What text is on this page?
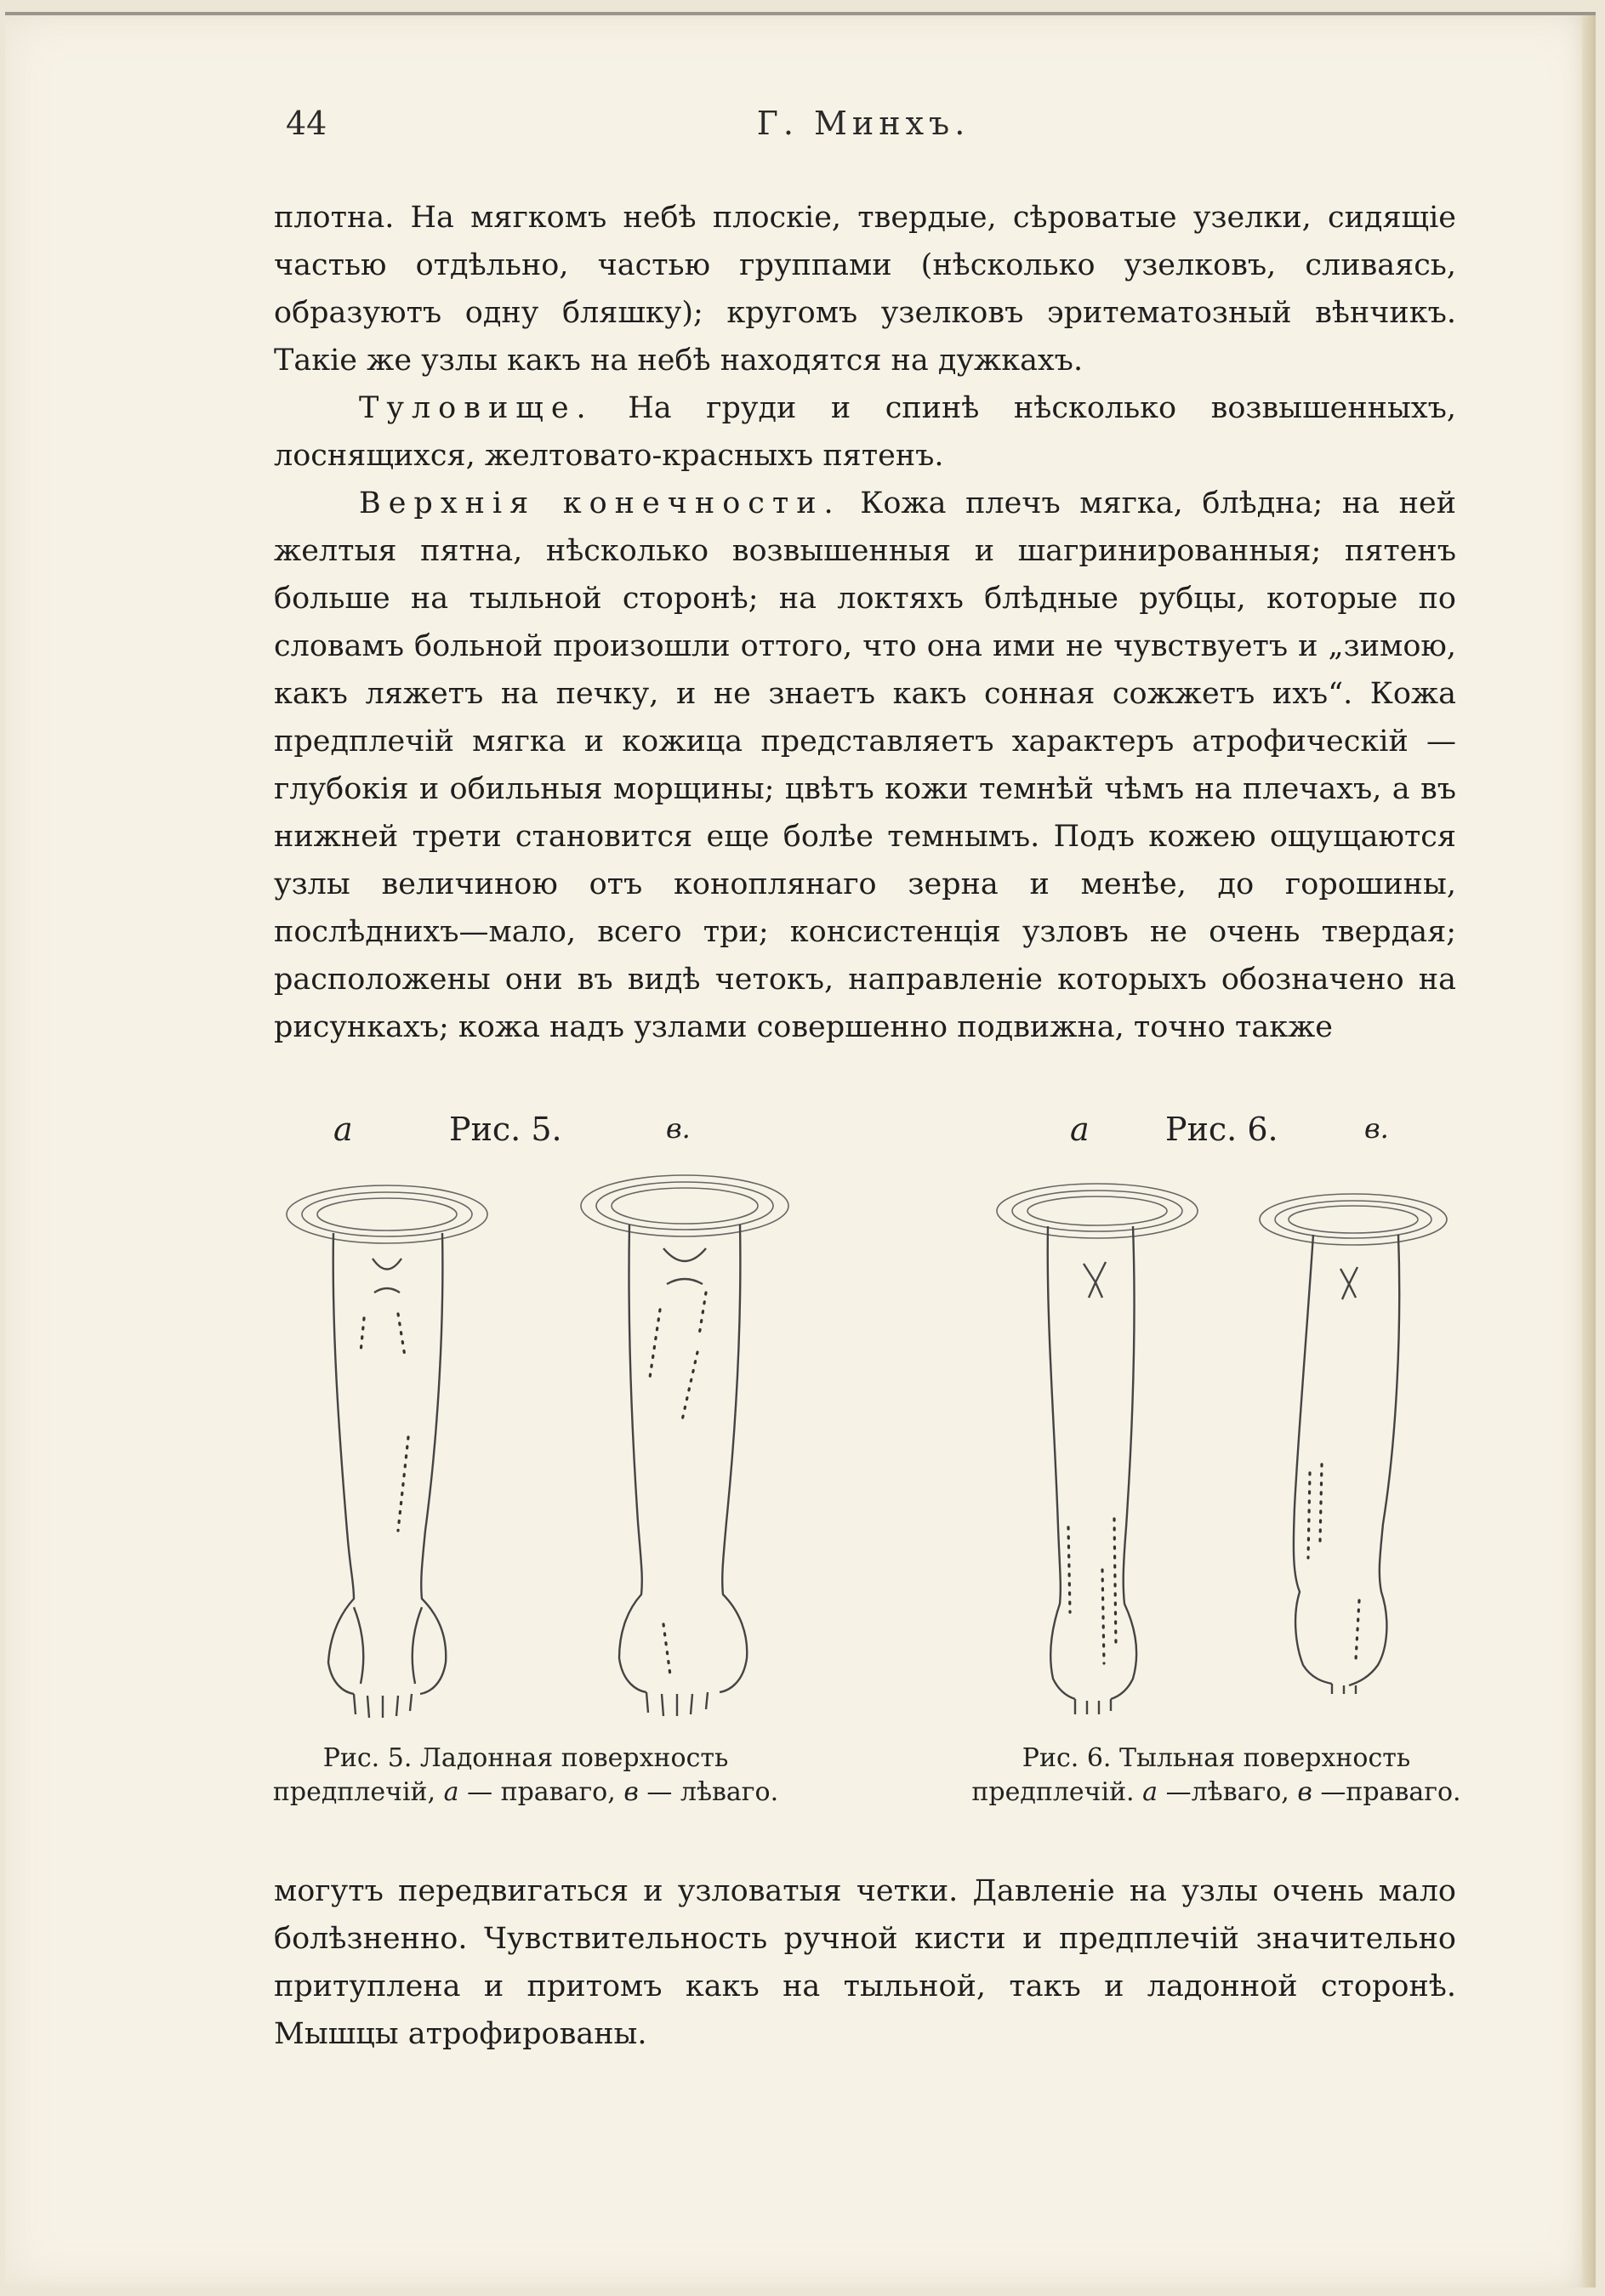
44	Г. Минхъ.

плотна. На мягкомъ небѣ плоскіе, твердые, сѣроватые узелки, сидящіе частью отдѣльно, частью группами (нѣсколько узелковъ, сливаясь, образуютъ одну бляшку); кругомъ узелковъ эритематозный вѣнчикъ. Такіе же узлы какъ на небѣ находятся на дужкахъ.

Туловище. На груди и спинѣ нѣсколько возвышенныхъ, лоснящихся, желтовато-красныхъ пятенъ.

Верхнія конечности. Кожа плечъ мягка, блѣдна; на ней желтыя пятна, нѣсколько возвышенныя и шагринированныя; пятенъ больше на тыльной сторонѣ; на локтяхъ блѣдные рубцы, которые по словамъ больной произошли оттого, что она ими не чувствуетъ и „зимою, какъ ляжетъ на печку, и не знаетъ какъ сонная сожжетъ ихъ“. Кожа предплечій мягка и кожица представляетъ характеръ атрофическій —глубокія и обильныя морщины; цвѣтъ кожи темнѣй чѣмъ на плечахъ, а въ нижней трети становится еще болѣе темнымъ. Подъ кожею ощущаются узлы величиною отъ коноплянаго зерна и менѣе, до горошины, послѣднихъ—мало, всего три; консистенція узловъ не очень твердая; расположены они въ видѣ четокъ, направленіе которыхъ обозначено на рисункахъ; кожа надъ узлами совершенно подвижна, точно также

а	Рис. 5.	в.	а Рис. 6.	в.
Рис. 5. Ладонная поверхность предплечій, а — праваго, в — лѣваго.
Рис. 6. Тыльная поверхность предплечій. а —лѣваго, в —праваго.

могутъ передвигаться и узловатыя четки. Давленіе на узлы очень мало болѣзненно. Чувствительность ручной кисти и предплечій значительно притуплена и притомъ какъ на тыльной, такъ и ладонной сторонѣ. Мышцы атрофированы.
